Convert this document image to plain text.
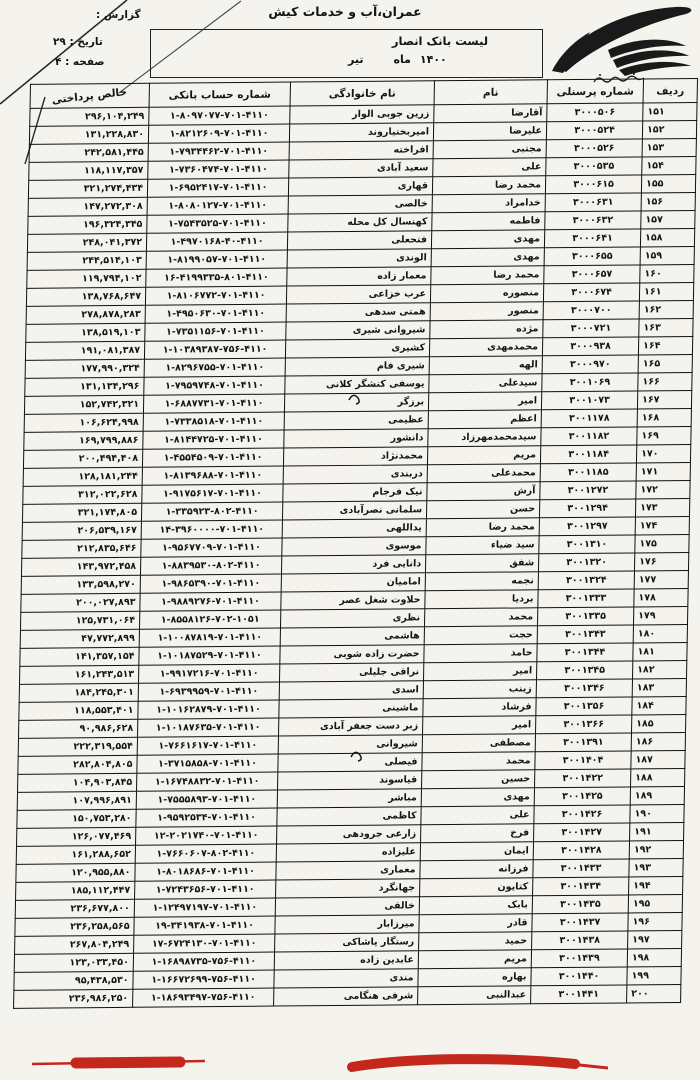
عمران،آب و خدمات کیش
لیست بانک انصار
تیر	ماه ۱۴۰۰
گزارش :
تاریخ : ۲۹
صفحه : ۴
ردیف	شماره پرسنلی	نام	نام خانوادگی	شماره حساب بانکی	خالص پرداختی
۱۵۱	۳۰۰۰۵۰۶	آقارضا	زرین جوبی الوار	۱-۸۰۹۷۰۷۷-۷۰۱-۴۱۱۰	۲۹۶,۱۰۴,۲۴۹
۱۵۲	۳۰۰۰۵۲۴	علیرضا	امیربختیاروند	۱-۸۲۱۲۶۰۹-۷۰۱-۴۱۱۰	۱۳۱,۲۲۸,۸۳۰
۱۵۳	۳۰۰۰۵۲۶	مجتبی	افراخته	۱-۷۹۳۴۴۶۲-۷۰۱-۴۱۱۰	۲۴۲,۵۸۱,۴۴۵
۱۵۴	۳۰۰۰۵۳۵	علی	سعید آبادی	۱-۷۳۶۰۴۷۴-۷۰۱-۴۱۱۰	۱۱۸,۱۱۷,۳۵۷
۱۵۵	۳۰۰۰۶۱۵	محمد رضا	قهاری	۱-۶۹۵۲۴۱۷-۷۰۱-۴۱۱۰	۳۲۱,۲۷۴,۴۳۴
۱۵۶	۳۰۰۰۶۳۱	خدامراد	خالصی	۱-۸۰۸۰۱۲۷-۷۰۱-۴۱۱۰	۱۴۷,۲۷۲,۳۰۸
۱۵۷	۳۰۰۰۶۳۲	فاطمه	کهنسال کل محله	۱-۷۵۴۳۵۲۵-۷۰۱-۴۱۱۰	۱۹۶,۳۲۴,۳۴۵
۱۵۸	۳۰۰۰۶۴۱	مهدی	فتحعلی	۱-۴۹۷۰۱۶۸-۴۰-۴۱۱۰	۲۴۸,۰۴۱,۳۷۲
۱۵۹	۳۰۰۰۶۵۵	مهدی	الوندی	۱-۸۱۹۹۰۵۷-۷۰۱-۴۱۱۰	۲۴۴,۵۱۴,۱۰۳
۱۶۰	۳۰۰۰۶۵۷	محمد رضا	معمار زاده	۱۶-۴۱۹۹۳۳۵-۸۰۱-۴۱۱۰	۱۱۹,۷۹۴,۱۰۲
۱۶۱	۳۰۰۰۶۷۴	منصوره	عرب خزاعی	۱-۸۱۰۶۷۷۲-۷۰۱-۴۱۱۰	۱۳۸,۷۶۸,۶۴۷
۱۶۲	۳۰۰۰۷۰۰	منصور	همتی سدهی	۱-۴۹۵۰۶۳۰-۷۰۱-۴۱۱۰	۲۷۸,۸۷۸,۲۸۳
۱۶۳	۳۰۰۰۷۲۱	مژده	شیروانی شیری	۱-۷۳۵۱۱۵۶-۷۰۱-۴۱۱۰	۱۳۸,۵۱۹,۱۰۳
۱۶۴	۳۰۰۰۹۳۸	محمدمهدی	کشیری	۱-۱۰۳۸۹۳۸۷-۷۵۶-۴۱۱۰	۱۹۱,۰۸۱,۳۸۷
۱۶۵	۳۰۰۰۹۷۰	الهه	شیری فام	۱-۸۲۹۶۷۵۵-۷۰۱-۴۱۱۰	۱۷۷,۹۹۰,۳۲۴
۱۶۶	۳۰۰۱۰۶۹	سیدعلی	یوسفی کنشگر کلانی	۱-۷۹۵۹۷۴۸-۷۰۱-۴۱۱۰	۱۳۱,۱۳۴,۲۹۶
۱۶۷	۳۰۰۱۰۷۳	امیر	برزگر	۱-۶۸۸۷۷۳۱-۷۰۱-۴۱۱۰	۱۵۲,۷۴۲,۳۲۱
۱۶۸	۳۰۰۱۱۷۸	اعظم	عظیمی	۱-۷۳۳۸۵۱۸-۷۰۱-۴۱۱۰	۱۰۶,۶۲۴,۹۹۸
۱۶۹	۳۰۰۱۱۸۲	سیدمحمدمهرزاد	دانشور	۱-۸۱۴۴۷۲۵-۷۰۱-۴۱۱۰	۱۶۹,۷۹۹,۸۸۶
۱۷۰	۳۰۰۱۱۸۴	مریم	محمدنژاد	۱-۴۵۵۴۵۰۹-۷۰۱-۴۱۱۰	۲۰۰,۴۹۴,۴۰۸
۱۷۱	۳۰۰۱۱۸۵	محمدعلی	دربندی	۱-۸۱۳۹۶۸۸-۷۰۱-۴۱۱۰	۱۲۸,۱۸۱,۲۴۴
۱۷۲	۳۰۰۱۲۷۲	آرش	نیک فرجام	۱-۹۱۷۵۶۱۷-۷۰۱-۴۱۱۰	۳۱۲,۰۲۲,۶۲۸
۱۷۳	۳۰۰۱۲۹۴	حسن	سلمانی نصرآبادی	۱-۳۳۵۹۲۳-۸۰۲-۴۱۱۰	۳۲۱,۱۷۴,۸۰۵
۱۷۴	۳۰۰۱۲۹۷	محمد رضا	یداللهی	۱۴-۳۹۶۰۰۰۰-۷۰۱-۴۱۱۰	۲۰۶,۵۳۹,۱۶۷
۱۷۵	۳۰۰۱۳۱۰	سید ضیاء	موسوی	۱-۹۵۶۷۷۰۹-۷۰۱-۴۱۱۰	۲۱۲,۸۳۵,۶۴۶
۱۷۶	۳۰۰۱۳۲۰	شفق	دانایی فرد	۱-۸۸۳۹۵۳۰-۸۰۲-۴۱۱۰	۱۴۳,۹۷۲,۴۵۸
۱۷۷	۳۰۰۱۳۲۴	نجمه	امامیان	۱-۹۸۶۵۳۹۰-۷۰۱-۴۱۱۰	۱۳۳,۵۹۸,۲۷۰
۱۷۸	۳۰۰۱۳۳۳	بردیا	حلاوت شغل عصر	۱-۹۸۸۹۲۷۶-۷۰۱-۴۱۱۰	۲۰۰,۰۲۷,۸۹۳
۱۷۹	۳۰۰۱۳۳۵	محمد	نظری	۱-۸۵۵۸۱۲۶-۷۰۲-۱۰۵۱	۱۲۵,۷۳۱,۰۶۴
۱۸۰	۳۰۰۱۳۴۳	حجت	هاشمی	۱-۱۰۰۸۷۸۱۹-۷۰۱-۴۱۱۰	۴۷,۷۷۲,۸۹۹
۱۸۱	۳۰۰۱۳۴۴	حامد	حضرت زاده شوبی	۱-۱۰۱۸۷۵۲۹-۷۰۱-۴۱۱۰	۱۴۱,۳۵۷,۱۵۴
۱۸۲	۳۰۰۱۳۴۵	امیر	نراقی جلیلی	۱-۹۹۱۷۲۱۶-۷۰۱-۴۱۱۰	۱۶۱,۲۴۳,۵۱۳
۱۸۳	۳۰۰۱۳۴۶	زینب	اسدی	۱-۶۹۳۹۹۵۹-۷۰۱-۴۱۱۰	۱۸۴,۲۴۵,۳۰۱
۱۸۴	۳۰۰۱۳۵۶	فرشاد	ماشینی	۱-۱۰۱۶۲۸۷۹-۷۰۱-۴۱۱۰	۱۱۸,۵۵۳,۴۰۱
۱۸۵	۳۰۰۱۳۶۶	امیر	زبر دست جعفر آبادی	۱-۱۰۱۸۷۶۳۵-۷۰۱-۴۱۱۰	۹۰,۹۸۶,۶۲۸
۱۸۶	۳۰۰۱۳۹۱	مصطفی	شیروانی	۱-۷۶۶۱۶۱۷-۷۰۱-۴۱۱۰	۲۲۲,۳۱۹,۵۵۴
۱۸۷	۳۰۰۱۴۰۴	محمد	فیصلی	۱-۳۷۱۵۸۵۸-۷۰۱-۴۱۱۰	۲۸۲,۸۰۴,۸۰۵
۱۸۸	۳۰۰۱۴۲۲	حسین	قیاسوند	۱-۱۶۷۴۸۸۳۲-۷۰۱-۴۱۱۰	۱۰۴,۹۰۳,۸۴۵
۱۸۹	۳۰۰۱۴۲۵	مهدی	مباشر	۱-۷۵۵۵۸۹۳-۷۰۱-۴۱۱۰	۱۰۷,۹۹۶,۸۹۱
۱۹۰	۳۰۰۱۴۲۶	علی	کاظمی	۱-۹۵۹۲۵۳۴-۷۰۱-۴۱۱۰	۱۵۰,۷۵۳,۲۸۰
۱۹۱	۳۰۰۱۴۲۷	فرخ	زارعی جرودهی	۱۲-۲۰۲۱۷۴۰-۷۰۱-۴۱۱۰	۱۲۶,۰۷۷,۴۶۹
۱۹۲	۳۰۰۱۴۲۸	ایمان	علیزاده	۱-۷۶۶۰۶۰۷-۸۰۲-۴۱۱۰	۱۶۱,۲۸۸,۶۵۲
۱۹۳	۳۰۰۱۴۳۳	فرزانه	معماری	۱-۸۰۱۸۶۸۶-۷۰۱-۴۱۱۰	۱۲۰,۹۵۵,۸۸۰
۱۹۴	۳۰۰۱۴۳۴	کتایون	جهانگرد	۱-۷۲۴۳۶۵۶-۷۰۱-۴۱۱۰	۱۸۵,۱۱۲,۴۴۷
۱۹۵	۳۰۰۱۴۳۵	بابک	خالقی	۱-۱۲۴۹۷۱۹۷-۷۰۱-۴۱۱۰	۲۳۶,۶۷۷,۸۰۰
۱۹۶	۳۰۰۱۴۳۷	قادر	میرزابار	۱۹-۳۴۱۹۳۸-۷۰۱-۴۱۱۰	۲۳۶,۲۵۸,۵۶۵
۱۹۷	۳۰۰۱۴۳۸	حمید	رستگار پاشاکی	۱۷-۶۷۲۴۱۳۰-۷۰۱-۴۱۱۰	۲۶۷,۸۰۴,۲۴۹
۱۹۸	۳۰۰۱۴۳۹	مریم	عابدین زاده	۱-۱۶۸۹۸۷۳۵-۷۵۶-۴۱۱۰	۱۲۳,۰۳۳,۴۵۰
۱۹۹	۳۰۰۱۴۴۰	بهاره	مندی	۱-۱۶۶۷۲۶۹۹-۷۵۶-۴۱۱۰	۹۵,۴۳۸,۵۳۰
۲۰۰	۳۰۰۱۴۴۱	عبدالنبی	شرفی هنگامی	۱-۱۸۶۹۳۴۹۷-۷۵۶-۴۱۱۰	۲۳۶,۹۸۶,۲۵۰
